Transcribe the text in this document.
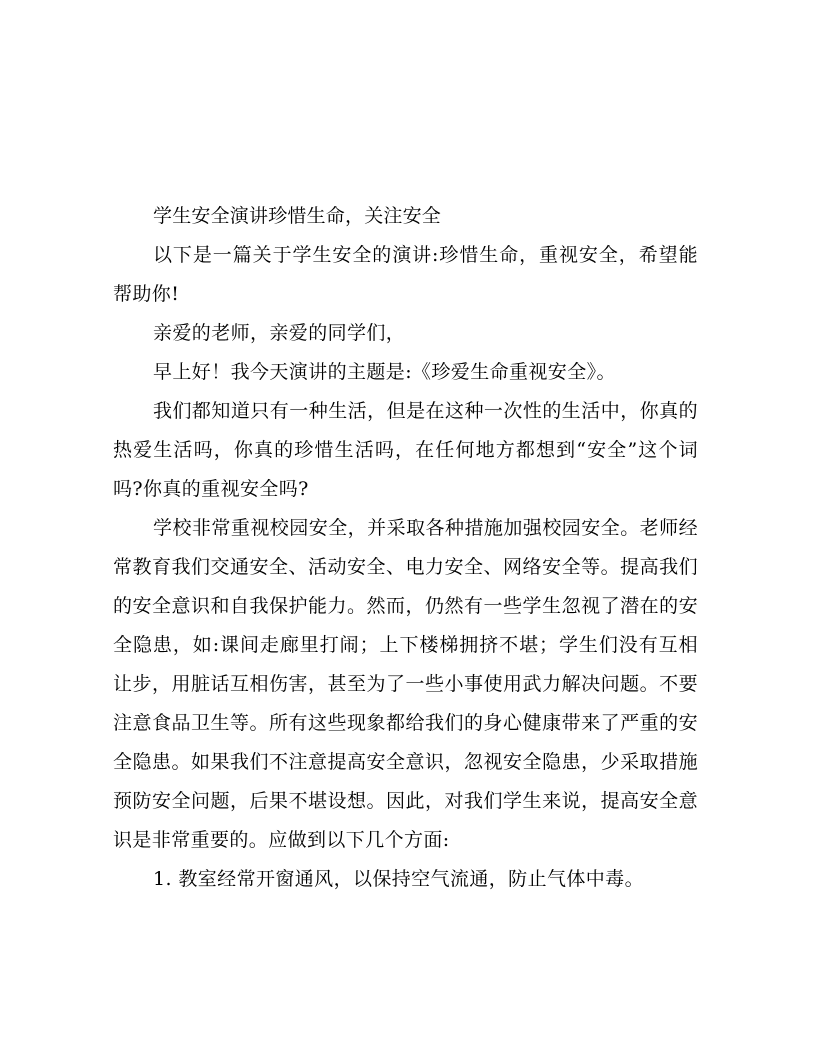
学生安全演讲珍惜生命，关注安全

以下是一篇关于学生安全的演讲:珍惜生命，重视安全，希望能帮助你!

亲爱的老师，亲爱的同学们，

早上好！我今天演讲的主题是:《珍爱生命重视安全》。

我们都知道只有一种生活，但是在这种一次性的生活中，你真的热爱生活吗，你真的珍惜生活吗，在任何地方都想到“安全”这个词吗?你真的重视安全吗?

学校非常重视校园安全，并采取各种措施加强校园安全。老师经常教育我们交通安全、活动安全、电力安全、网络安全等。提高我们的安全意识和自我保护能力。然而，仍然有一些学生忽视了潜在的安全隐患，如:课间走廊里打闹；上下楼梯拥挤不堪；学生们没有互相让步，用脏话互相伤害，甚至为了一些小事使用武力解决问题。不要注意食品卫生等。所有这些现象都给我们的身心健康带来了严重的安全隐患。如果我们不注意提高安全意识，忽视安全隐患，少采取措施预防安全问题，后果不堪设想。因此，对我们学生来说，提高安全意识是非常重要的。应做到以下几个方面:

1. 教室经常开窗通风，以保持空气流通，防止气体中毒。
